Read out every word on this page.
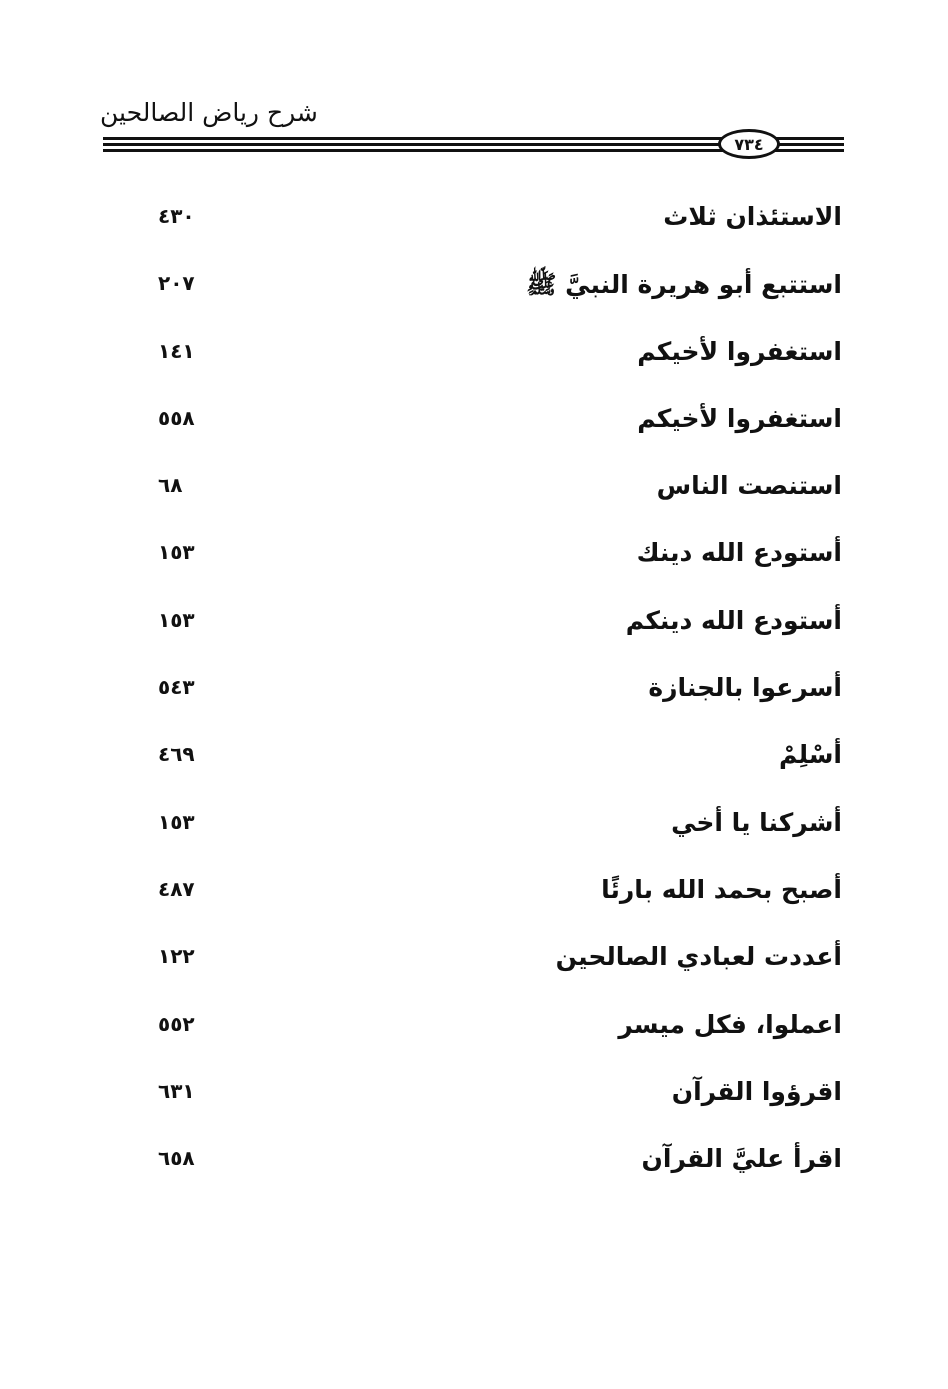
شرح رياض الصالحين
٧٣٤
الاستئذان ثلاث
٤٣٠
استتبع أبو هريرة النبيَّ ﷺ
٢٠٧
استغفروا لأخيكم
١٤١
استغفروا لأخيكم
٥٥٨
استنصت الناس
٦٨
أستودع الله دينك
١٥٣
أستودع الله دينكم
١٥٣
أسرعوا بالجنازة
٥٤٣
أسْلِمْ
٤٦٩
أشركنا يا أخي
١٥٣
أصبح بحمد الله بارئًا
٤٨٧
أعددت لعبادي الصالحين
١٢٢
اعملوا، فكل ميسر
٥٥٢
اقرؤوا القرآن
٦٣١
اقرأ عليَّ القرآن
٦٥٨
